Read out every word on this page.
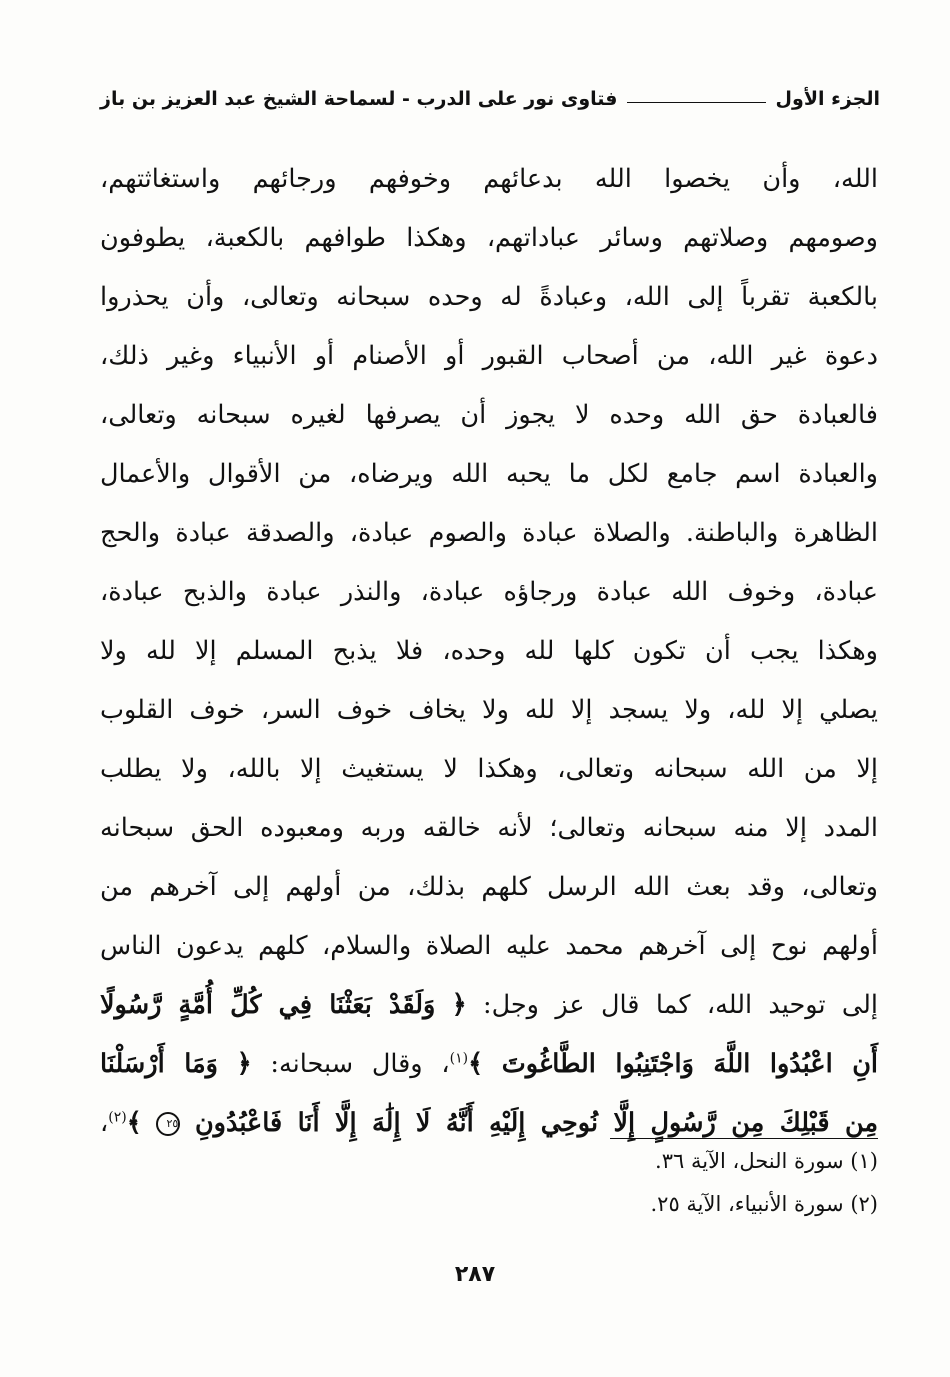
فتاوى نور على الدرب - لسماحة الشيخ عبد العزيز بن باز	الجزء الأول
الله، وأن يخصوا الله بدعائهم وخوفهم ورجائهم واستغاثتهم،
وصومهم وصلاتهم وسائر عباداتهم، وهكذا طوافهم بالكعبة، يطوفون
بالكعبة تقرباً إلى الله، وعبادةً له وحده سبحانه وتعالى، وأن يحذروا
دعوة غير الله، من أصحاب القبور أو الأصنام أو الأنبياء وغير ذلك،
فالعبادة حق الله وحده لا يجوز أن يصرفها لغيره سبحانه وتعالى،
والعبادة اسم جامع لكل ما يحبه الله ويرضاه، من الأقوال والأعمال
الظاهرة والباطنة. والصلاة عبادة والصوم عبادة، والصدقة عبادة والحج
عبادة، وخوف الله عبادة ورجاؤه عبادة، والنذر عبادة والذبح عبادة،
وهكذا يجب أن تكون كلها لله وحده، فلا يذبح المسلم إلا لله ولا
يصلي إلا لله، ولا يسجد إلا لله ولا يخاف خوف السر، خوف القلوب
إلا من الله سبحانه وتعالى، وهكذا لا يستغيث إلا بالله، ولا يطلب
المدد إلا منه سبحانه وتعالى؛ لأنه خالقه وربه ومعبوده الحق سبحانه
وتعالى، وقد بعث الله الرسل كلهم بذلك، من أولهم إلى آخرهم من
أولهم نوح إلى آخرهم محمد عليه الصلاة والسلام، كلهم يدعون الناس
إلى توحيد الله، كما قال عز وجل: ﴿ وَلَقَدْ بَعَثْنَا فِي كُلِّ أُمَّةٍ رَّسُولًا
أَنِ اعْبُدُوا اللَّهَ وَاجْتَنِبُوا الطَّاغُوتَ ﴾$^{(١)}$، وقال سبحانه: ﴿ وَمَا أَرْسَلْنَا
مِن قَبْلِكَ مِن رَّسُولٍ إِلَّا نُوحِي إِلَيْهِ أَنَّهُ لَا إِلَٰهَ إِلَّا أَنَا فَاعْبُدُونِ ٢٥ ﴾$^{(٢)}$،
(١) سورة النحل، الآية ٣٦.
(٢) سورة الأنبياء، الآية ٢٥.
٢٨٧
